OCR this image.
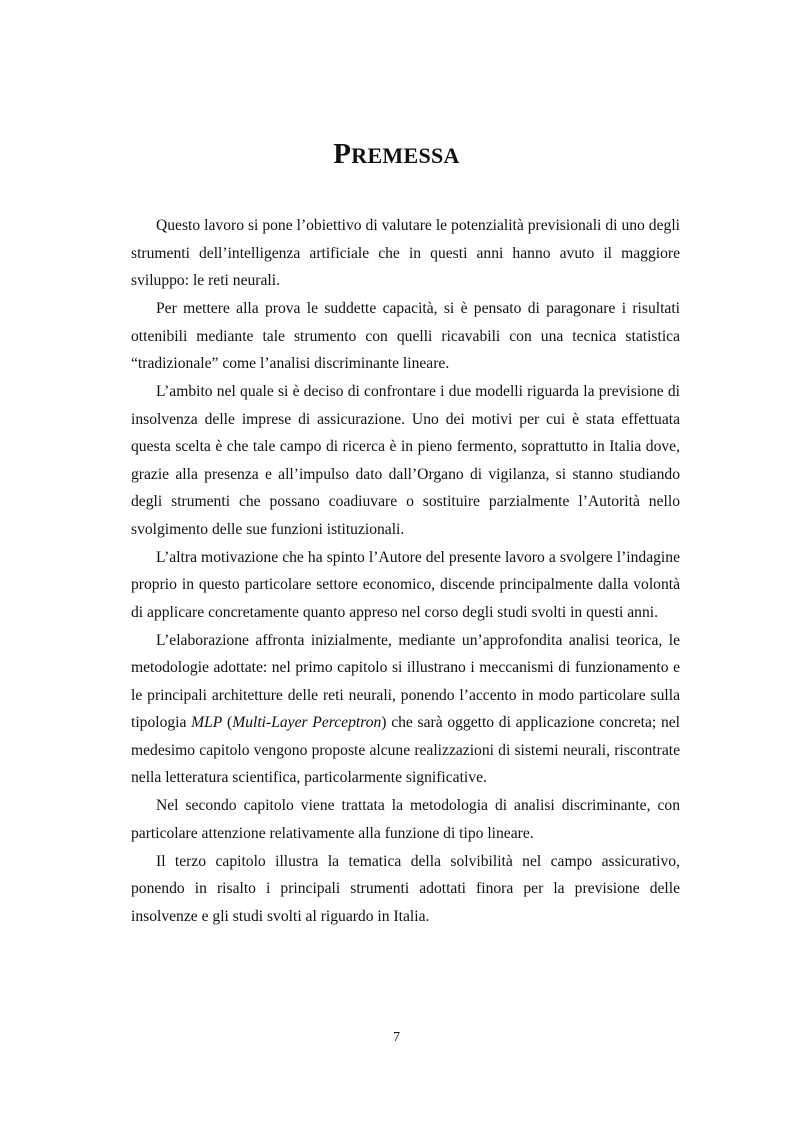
PREMESSA

Questo lavoro si pone l’obiettivo di valutare le potenzialità previsionali di uno degli strumenti dell’intelligenza artificiale che in questi anni hanno avuto il maggiore sviluppo: le reti neurali.

Per mettere alla prova le suddette capacità, si è pensato di paragonare i risultati ottenibili mediante tale strumento con quelli ricavabili con una tecnica statistica “tradizionale” come l’analisi discriminante lineare.

L’ambito nel quale si è deciso di confrontare i due modelli riguarda la previsione di insolvenza delle imprese di assicurazione. Uno dei motivi per cui è stata effettuata questa scelta è che tale campo di ricerca è in pieno fermento, soprattutto in Italia dove, grazie alla presenza e all’impulso dato dall’Organo di vigilanza, si stanno studiando degli strumenti che possano coadiuvare o sostituire parzialmente l’Autorità nello svolgimento delle sue funzioni istituzionali.

L’altra motivazione che ha spinto l’Autore del presente lavoro a svolgere l’indagine proprio in questo particolare settore economico, discende principalmente dalla volontà di applicare concretamente quanto appreso nel corso degli studi svolti in questi anni.

L’elaborazione affronta inizialmente, mediante un’approfondita analisi teorica, le metodologie adottate: nel primo capitolo si illustrano i meccanismi di funzionamento e le principali architetture delle reti neurali, ponendo l’accento in modo particolare sulla tipologia MLP (Multi-Layer Perceptron) che sarà oggetto di applicazione concreta; nel medesimo capitolo vengono proposte alcune realizzazioni di sistemi neurali, riscontrate nella letteratura scientifica, particolarmente significative.

Nel secondo capitolo viene trattata la metodologia di analisi discriminante, con particolare attenzione relativamente alla funzione di tipo lineare.

Il terzo capitolo illustra la tematica della solvibilità nel campo assicurativo, ponendo in risalto i principali strumenti adottati finora per la previsione delle insolvenze e gli studi svolti al riguardo in Italia.

7
